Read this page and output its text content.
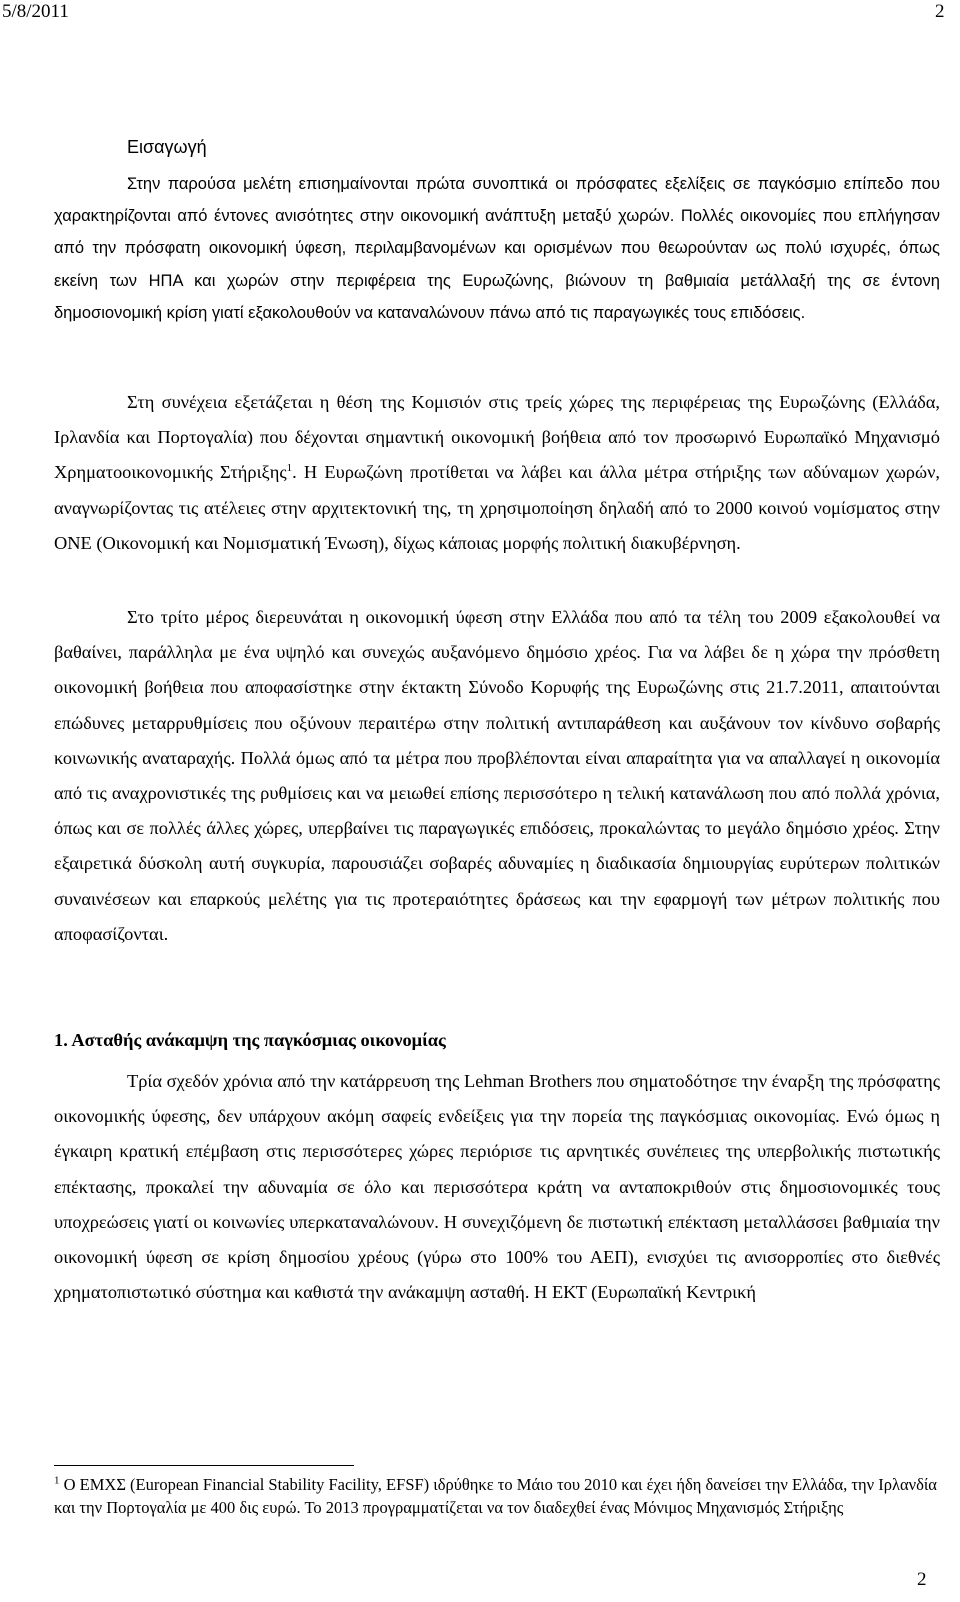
5/8/2011	2
Εισαγωγή

Στην παρούσα μελέτη επισημαίνονται πρώτα συνοπτικά οι πρόσφατες εξελίξεις σε παγκόσμιο επίπεδο που χαρακτηρίζονται από έντονες ανισότητες στην οικονομική ανάπτυξη μεταξύ χωρών. Πολλές οικονομίες που επλήγησαν από την πρόσφατη οικονομική ύφεση, περιλαμβανομένων και ορισμένων που θεωρούνταν ως πολύ ισχυρές, όπως εκείνη των ΗΠΑ και χωρών στην περιφέρεια της Ευρωζώνης, βιώνουν τη βαθμιαία μετάλλαξή της σε έντονη δημοσιονομική κρίση γιατί εξακολουθούν να καταναλώνουν πάνω από τις παραγωγικές τους επιδόσεις.

Στη συνέχεια εξετάζεται η θέση της Κομισιόν στις τρείς χώρες της περιφέρειας της Ευρωζώνης (Ελλάδα, Ιρλανδία και Πορτογαλία) που δέχονται σημαντική οικονομική βοήθεια από τον προσωρινό Ευρωπαϊκό Μηχανισμό Χρηματοοικονομικής Στήριξης$^1$. Η Ευρωζώνη προτίθεται να λάβει και άλλα μέτρα στήριξης των αδύναμων χωρών, αναγνωρίζοντας τις ατέλειες στην αρχιτεκτονική της, τη χρησιμοποίηση δηλαδή από το 2000 κοινού νομίσματος στην ΟΝΕ (Οικονομική και Νομισματική Ένωση), δίχως κάποιας μορφής πολιτική διακυβέρνηση.

Στο τρίτο μέρος διερευνάται η οικονομική ύφεση στην Ελλάδα που από τα τέλη του 2009 εξακολουθεί να βαθαίνει, παράλληλα με ένα υψηλό και συνεχώς αυξανόμενο δημόσιο χρέος. Για να λάβει δε η χώρα την πρόσθετη οικονομική βοήθεια που αποφασίστηκε στην έκτακτη Σύνοδο Κορυφής της Ευρωζώνης στις 21.7.2011, απαιτούνται επώδυνες μεταρρυθμίσεις που οξύνουν περαιτέρω στην πολιτική αντιπαράθεση και αυξάνουν τον κίνδυνο σοβαρής κοινωνικής αναταραχής. Πολλά όμως από τα μέτρα που προβλέπονται είναι απαραίτητα για να απαλλαγεί η οικονομία από τις αναχρονιστικές της ρυθμίσεις και να μειωθεί επίσης περισσότερο η τελική κατανάλωση που από πολλά χρόνια, όπως και σε πολλές άλλες χώρες, υπερβαίνει τις παραγωγικές επιδόσεις, προκαλώντας το μεγάλο δημόσιο χρέος. Στην εξαιρετικά δύσκολη αυτή συγκυρία, παρουσιάζει σοβαρές αδυναμίες η διαδικασία δημιουργίας ευρύτερων πολιτικών συναινέσεων και επαρκούς μελέτης για τις προτεραιότητες δράσεως και την εφαρμογή των μέτρων πολιτικής που αποφασίζονται.

1. Ασταθής ανάκαμψη της παγκόσμιας οικονομίας

Τρία σχεδόν χρόνια από την κατάρρευση της Lehman Brothers που σηματοδότησε την έναρξη της πρόσφατης οικονομικής ύφεσης, δεν υπάρχουν ακόμη σαφείς ενδείξεις για την πορεία της παγκόσμιας οικονομίας. Ενώ όμως η έγκαιρη κρατική επέμβαση στις περισσότερες χώρες περιόρισε τις αρνητικές συνέπειες της υπερβολικής πιστωτικής επέκτασης, προκαλεί την αδυναμία σε όλο και περισσότερα κράτη να ανταποκριθούν στις δημοσιονομικές τους υποχρεώσεις γιατί οι κοινωνίες υπερκαταναλώνουν. Η συνεχιζόμενη δε πιστωτική επέκταση μεταλλάσσει βαθμιαία την οικονομική ύφεση σε κρίση δημοσίου χρέους (γύρω στο 100% του ΑΕΠ), ενισχύει τις ανισορροπίες στο διεθνές χρηματοπιστωτικό σύστημα και καθιστά την ανάκαμψη ασταθή. Η ΕΚΤ (Ευρωπαϊκή Κεντρική

$^1$ Ο ΕΜΧΣ (European Financial Stability Facility, EFSF) ιδρύθηκε το Μάιο του 2010 και έχει ήδη δανείσει την Ελλάδα, την Ιρλανδία και την Πορτογαλία με 400 δις ευρώ. Το 2013 προγραμματίζεται να τον διαδεχθεί ένας Μόνιμος Μηχανισμός Στήριξης
2
